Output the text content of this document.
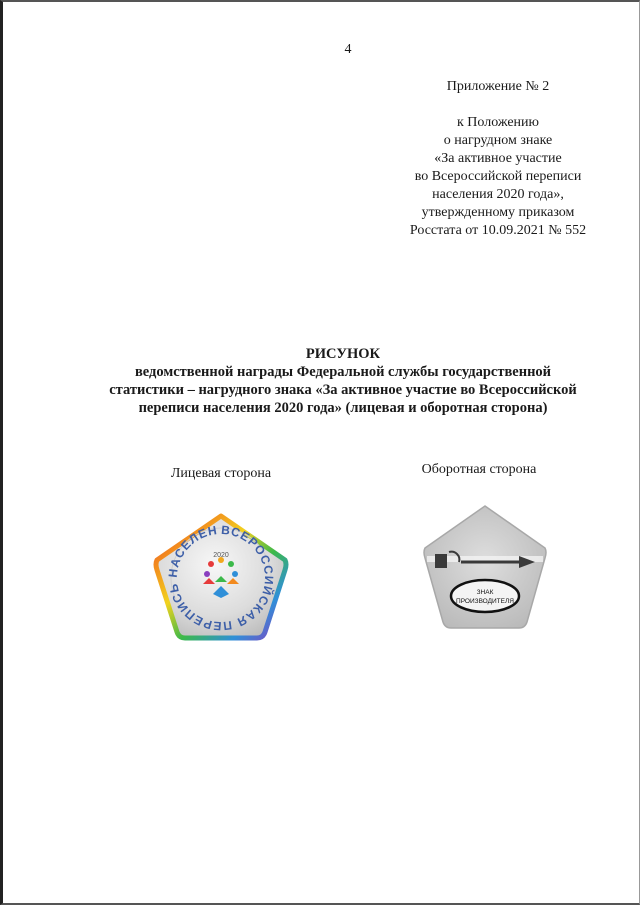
4
Приложение № 2
к Положению
о нагрудном знаке
«За активное участие
во Всероссийской переписи
населения 2020 года»,
утвержденному приказом
Росстата от 10.09.2021 № 552
РИСУНОК
ведомственной награды Федеральной службы государственной
статистики – нагрудного знака «За активное участие во Всероссийской
переписи населения 2020 года» (лицевая и оборотная сторона)
Лицевая сторона	Оборотная сторона
ВСЕРОССИЙСКАЯ ПЕРЕПИСЬ НАСЕЛЕН
2020
ЗНАК
ПРОИЗВОДИТЕЛЯ
